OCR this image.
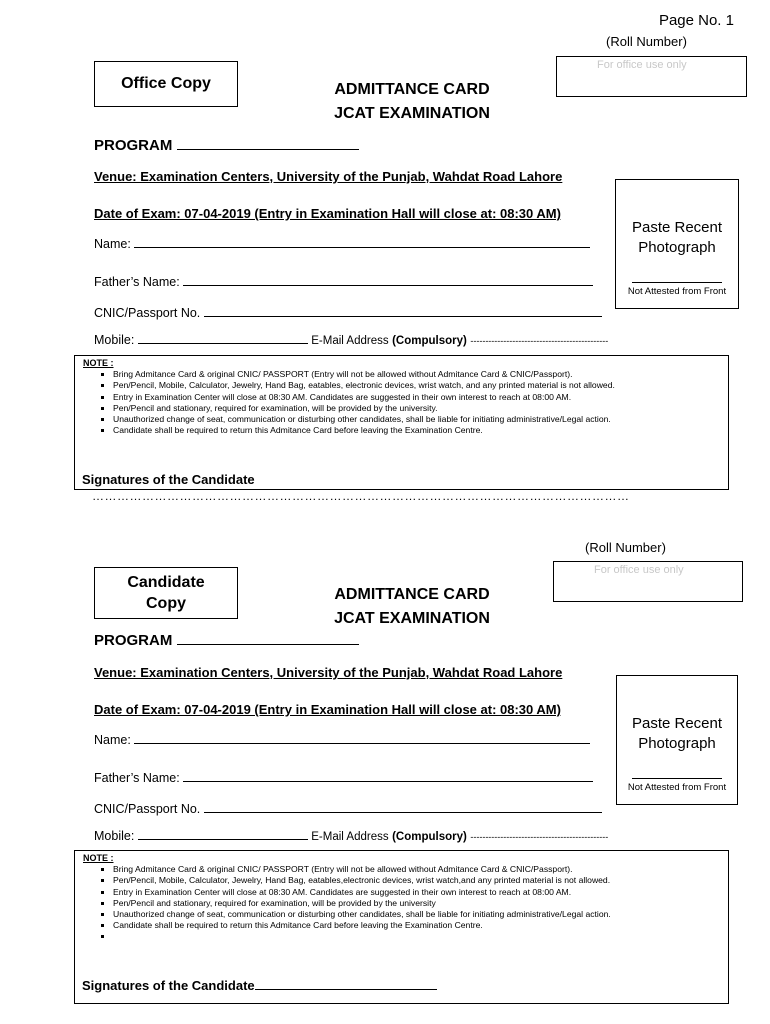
Page No. 1
(Roll Number)
For office use only
Office Copy	ADMITTANCE CARD
JCAT EXAMINATION
PROGRAM
Venue: Examination Centers, University of the Punjab, Wahdat Road Lahore
Date of Exam: 07-04-2019 (Entry in Examination Hall will close at: 08:30 AM)
Name:
Father’s Name:
CNIC/Passport No.
Mobile:	E-Mail Address (Compulsory) ----------------------------------------------
Paste Recent
Photograph
Not Attested from Front
NOTE :
▪ Bring Admitance Card & original CNIC/ PASSPORT (Entry will not be allowed without Admitance Card & CNIC/Passport).
▪ Pen/Pencil, Mobile, Calculator, Jewelry, Hand Bag, eatables, electronic devices, wrist watch, and any printed material is not allowed.
▪ Entry in Examination Center will close at 08:30 AM. Candidates are suggested in their own interest to reach at 08:00 AM.
▪ Pen/Pencil and stationary, required for examination, will be provided by the university.
▪ Unauthorized change of seat, communication or disturbing other candidates, shall be liable for initiating administrative/Legal action.
▪ Candidate shall be required to return this Admitance Card before leaving the Examination Centre.
Signatures of the Candidate
…………………………………………………………………………………………………………………
(Roll Number)
For office use only
Candidate
Copy
ADMITTANCE CARD
JCAT EXAMINATION
PROGRAM
Venue: Examination Centers, University of the Punjab, Wahdat Road Lahore
Date of Exam: 07-04-2019 (Entry in Examination Hall will close at: 08:30 AM)
Name:
Father’s Name:
CNIC/Passport No.
Mobile:	E-Mail Address (Compulsory) ----------------------------------------------
Paste Recent
Photograph
Not Attested from Front
NOTE :
▪ Bring Admitance Card & original CNIC/ PASSPORT (Entry will not be allowed without Admitance Card & CNIC/Passport).
▪ Pen/Pencil, Mobile, Calculator, Jewelry, Hand Bag, eatables,electronic devices, wrist watch,and any printed material is not allowed.
▪ Entry in Examination Center will close at 08:30 AM. Candidates are suggested in their own interest to reach at 08:00 AM.
▪ Pen/Pencil and stationary, required for examination, will be provided by the university
▪ Unauthorized change of seat, communication or disturbing other candidates, shall be liable for initiating administrative/Legal action.
▪ Candidate shall be required to return this Admitance Card before leaving the Examination Centre.
▪
Signatures of the Candidate
